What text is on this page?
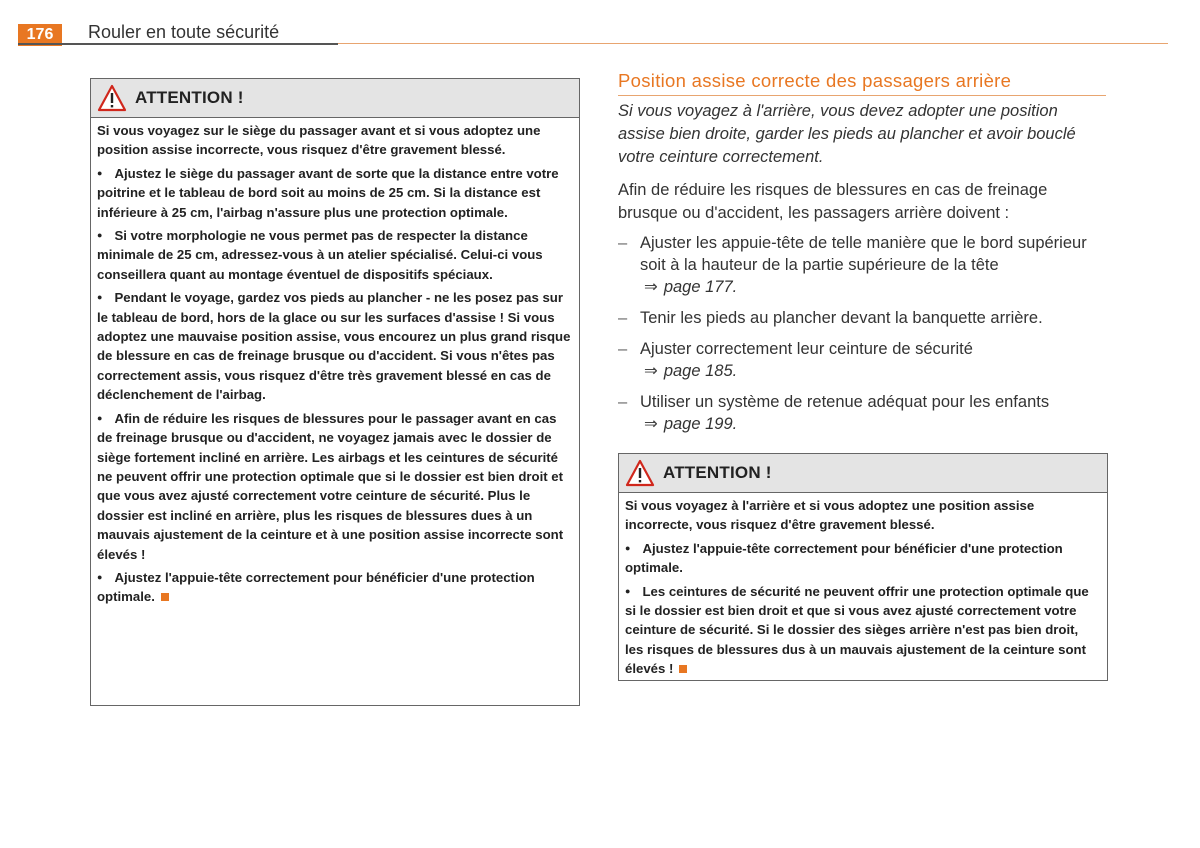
176	Rouler en toute sécurité
ATTENTION !

Si vous voyagez sur le siège du passager avant et si vous adoptez une position assise incorrecte, vous risquez d'être gravement blessé.

● Ajustez le siège du passager avant de sorte que la distance entre votre poitrine et le tableau de bord soit au moins de 25 cm. Si la distance est inférieure à 25 cm, l'airbag n'assure plus une protection optimale.

● Si votre morphologie ne vous permet pas de respecter la distance minimale de 25 cm, adressez-vous à un atelier spécialisé. Celui-ci vous conseillera quant au montage éventuel de dispositifs spéciaux.

● Pendant le voyage, gardez vos pieds au plancher - ne les posez pas sur le tableau de bord, hors de la glace ou sur les surfaces d'assise ! Si vous adoptez une mauvaise position assise, vous encourez un plus grand risque de blessure en cas de freinage brusque ou d'accident. Si vous n'êtes pas correctement assis, vous risquez d'être très gravement blessé en cas de déclenchement de l'airbag.

● Afin de réduire les risques de blessures pour le passager avant en cas de freinage brusque ou d'accident, ne voyagez jamais avec le dossier de siège fortement incliné en arrière. Les airbags et les ceintures de sécurité ne peuvent offrir une protection optimale que si le dossier est bien droit et que vous avez ajusté correctement votre ceinture de sécurité. Plus le dossier est incliné en arrière, plus les risques de blessures dues à un mauvais ajustement de la ceinture et à une position assise incorrecte sont élevés !

● Ajustez l'appuie-tête correctement pour bénéficier d'une protection optimale.

Position assise correcte des passagers arrière
Si vous voyagez à l'arrière, vous devez adopter une position assise bien droite, garder les pieds au plancher et avoir bouclé votre ceinture correctement.
Afin de réduire les risques de blessures en cas de freinage brusque ou d'accident, les passagers arrière doivent :
– Ajuster les appuie-tête de telle manière que le bord supérieur soit à la hauteur de la partie supérieure de la tête
⇒ page 177.
– Tenir les pieds au plancher devant la banquette arrière.
– Ajuster correctement leur ceinture de sécurité
⇒ page 185.
– Utiliser un système de retenue adéquat pour les enfants
⇒ page 199.
ATTENTION !

Si vous voyagez à l'arrière et si vous adoptez une position assise incorrecte, vous risquez d'être gravement blessé.

● Ajustez l'appuie-tête correctement pour bénéficier d'une protection optimale.

● Les ceintures de sécurité ne peuvent offrir une protection optimale que si le dossier est bien droit et que si vous avez ajusté correctement votre ceinture de sécurité. Si le dossier des sièges arrière n'est pas bien droit, les risques de blessures dus à un mauvais ajustement de la ceinture sont élevés !
